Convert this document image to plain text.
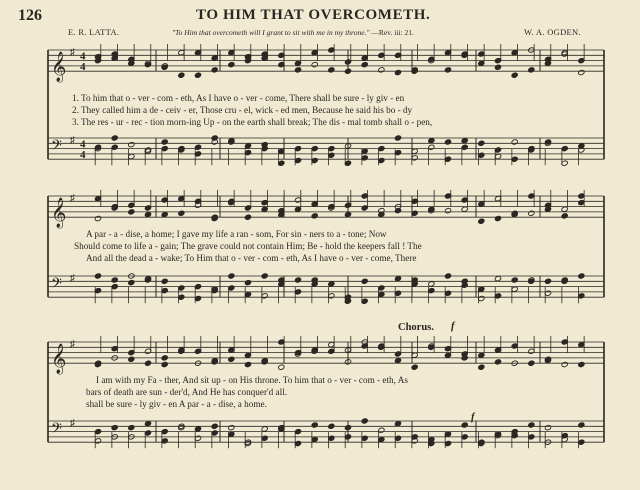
𝄞 ♯ 4
4
𝄢 ♯ 4
4
𝄞 ♯
𝄢 ♯
𝄞 ♯
𝄢 ♯
126	TO HIM THAT OVERCOMETH.
E. R. LATTA.	W. A. OGDEN.
"To Him that overcometh will I grant to sit with me in my throne." —Rev. iii: 21.
1. To him that o - ver - com - eth, As I have o - ver - come, There shall be sure - ly giv - en
2. They called him a de - ceiv - er, Those cru - el, wick - ed men, Because he said his bo - dy
3. The res - ur - rec - tion morn-ing Up - on the earth shall break; The dis - mal tomb shall o - pen,
A par - a - dise, a home; I gave my life a ran - som, For sin - ners to a - tone; Now
Should come to life a - gain; The grave could not contain Him; Be - hold the keepers fall ! The
And all the dead a - wake; To Him that o - ver - com - eth, As I have o - ver - come, There
Chorus. f
f
I am with my Fa - ther, And sit up - on His throne. To him that o - ver - com - eth, As
bars of death are sun - der'd, And He has conquer'd all.
shall be sure - ly giv - en A par - a - dise, a home.
